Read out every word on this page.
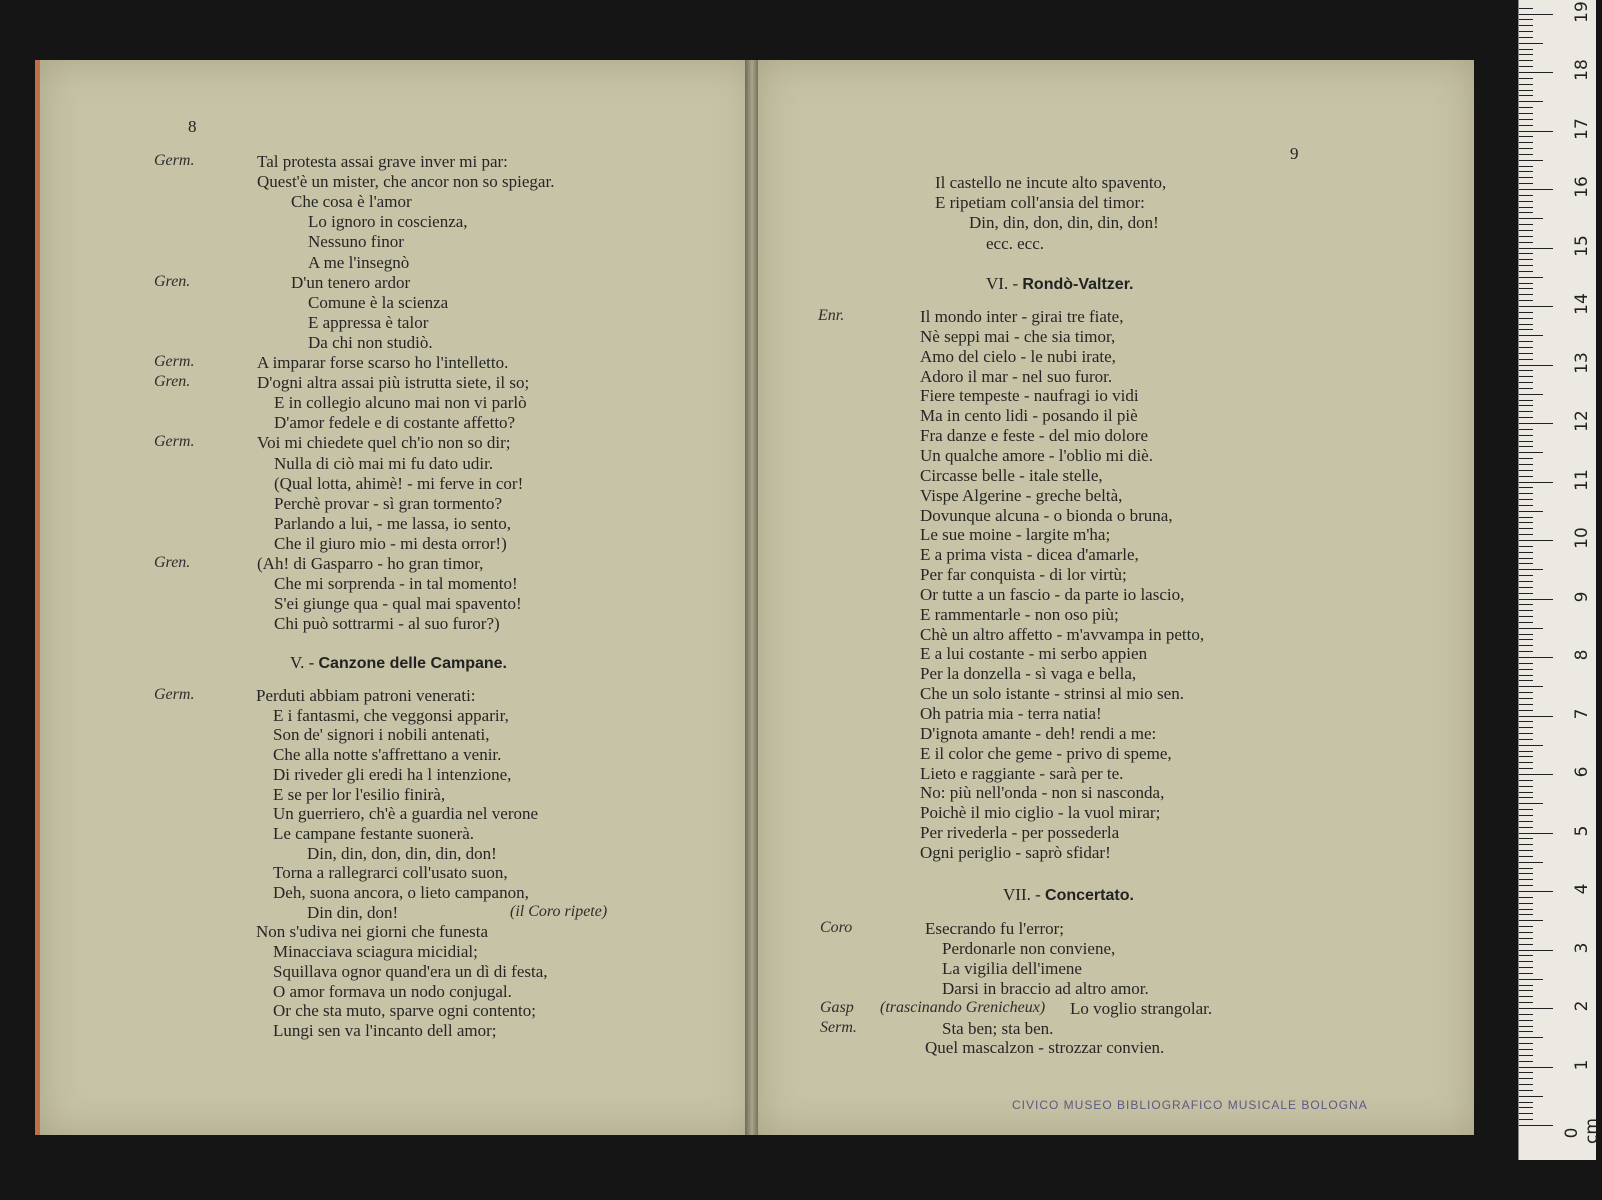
8
9
Germ.	Tal protesta assai grave inver mi par:
Quest'è un mister, che ancor non so spiegar.
Che cosa è l'amor
Lo ignoro in coscienza,
Nessuno finor
A me l'insegnò
Gren.	D'un tenero ardor
Comune è la scienza
E appressa è talor
Da chi non studiò.
Germ.	A imparar forse scarso ho l'intelletto.
Gren.	D'ogni altra assai più istrutta siete, il so;
E in collegio alcuno mai non vi parlò
D'amor fedele e di costante affetto?
Germ.	Voi mi chiedete quel ch'io non so dir;
Nulla di ciò mai mi fu dato udir.
(Qual lotta, ahimè! - mi ferve in cor!
Perchè provar - sì gran tormento?
Parlando a lui, - me lassa, io sento,
Che il giuro mio - mi desta orror!)
Gren.	(Ah! di Gasparro - ho gran timor,
Che mi sorprenda - in tal momento!
S'ei giunge qua - qual mai spavento!
Chi può sottrarmi - al suo furor?)
V. - Canzone delle Campane.
Germ.	Perduti abbiam patroni venerati:
E i fantasmi, che veggonsi apparir,
Son de' signori i nobili antenati,
Che alla notte s'affrettano a venir.
Di riveder gli eredi ha l intenzione,
E se per lor l'esilio finirà,
Un guerriero, ch'è a guardia nel verone
Le campane festante suonerà.
Din, din, don, din, din, don!
Torna a rallegrarci coll'usato suon,
Deh, suona ancora, o lieto campanon,
Din din, don!	(il Coro ripete)
Non s'udiva nei giorni che funesta
Minacciava sciagura micidial;
Squillava ognor quand'era un dì di festa,
O amor formava un nodo conjugal.
Or che sta muto, sparve ogni contento;
Lungi sen va l'incanto dell amor;
Il castello ne incute alto spavento,
E ripetiam coll'ansia del timor:
Din, din, don, din, din, don!
ecc. ecc.
VI. - Rondò-Valtzer.
Enr.	Il mondo inter - girai tre fiate,
Nè seppi mai - che sia timor,
Amo del cielo - le nubi irate,
Adoro il mar - nel suo furor.
Fiere tempeste - naufragi io vidi
Ma in cento lidi - posando il piè
Fra danze e feste - del mio dolore
Un qualche amore - l'oblio mi diè.
Circasse belle - itale stelle,
Vispe Algerine - greche beltà,
Dovunque alcuna - o bionda o bruna,
Le sue moine - largite m'ha;
E a prima vista - dicea d'amarle,
Per far conquista - di lor virtù;
Or tutte a un fascio - da parte io lascio,
E rammentarle - non oso più;
Chè un altro affetto - m'avvampa in petto,
E a lui costante - mi serbo appien
Per la donzella - sì vaga e bella,
Che un solo istante - strinsi al mio sen.
Oh patria mia - terra natia!
D'ignota amante - deh! rendi a me:
E il color che geme - privo di speme,
Lieto e raggiante - sarà per te.
No: più nell'onda - non si nasconda,
Poichè il mio ciglio - la vuol mirar;
Per rivederla - per possederla
Ogni periglio - saprò sfidar!
VII. - Concertato.
Coro	Esecrando fu l'error;
Perdonarle non conviene,
La vigilia dell'imene
Darsi in braccio ad altro amor.
Gasp	Lo voglio strangolar.
(trascinando Grenicheux)
Serm.	Sta ben; sta ben.
Quel mascalzon - strozzar convien.
CIVICO MUSEO BIBLIOGRAFICO MUSICALE BOLOGNA
0 cm
1
2
3
4
5
6
7
8
9
10
11
12
13
14
15
16
17
18
19
